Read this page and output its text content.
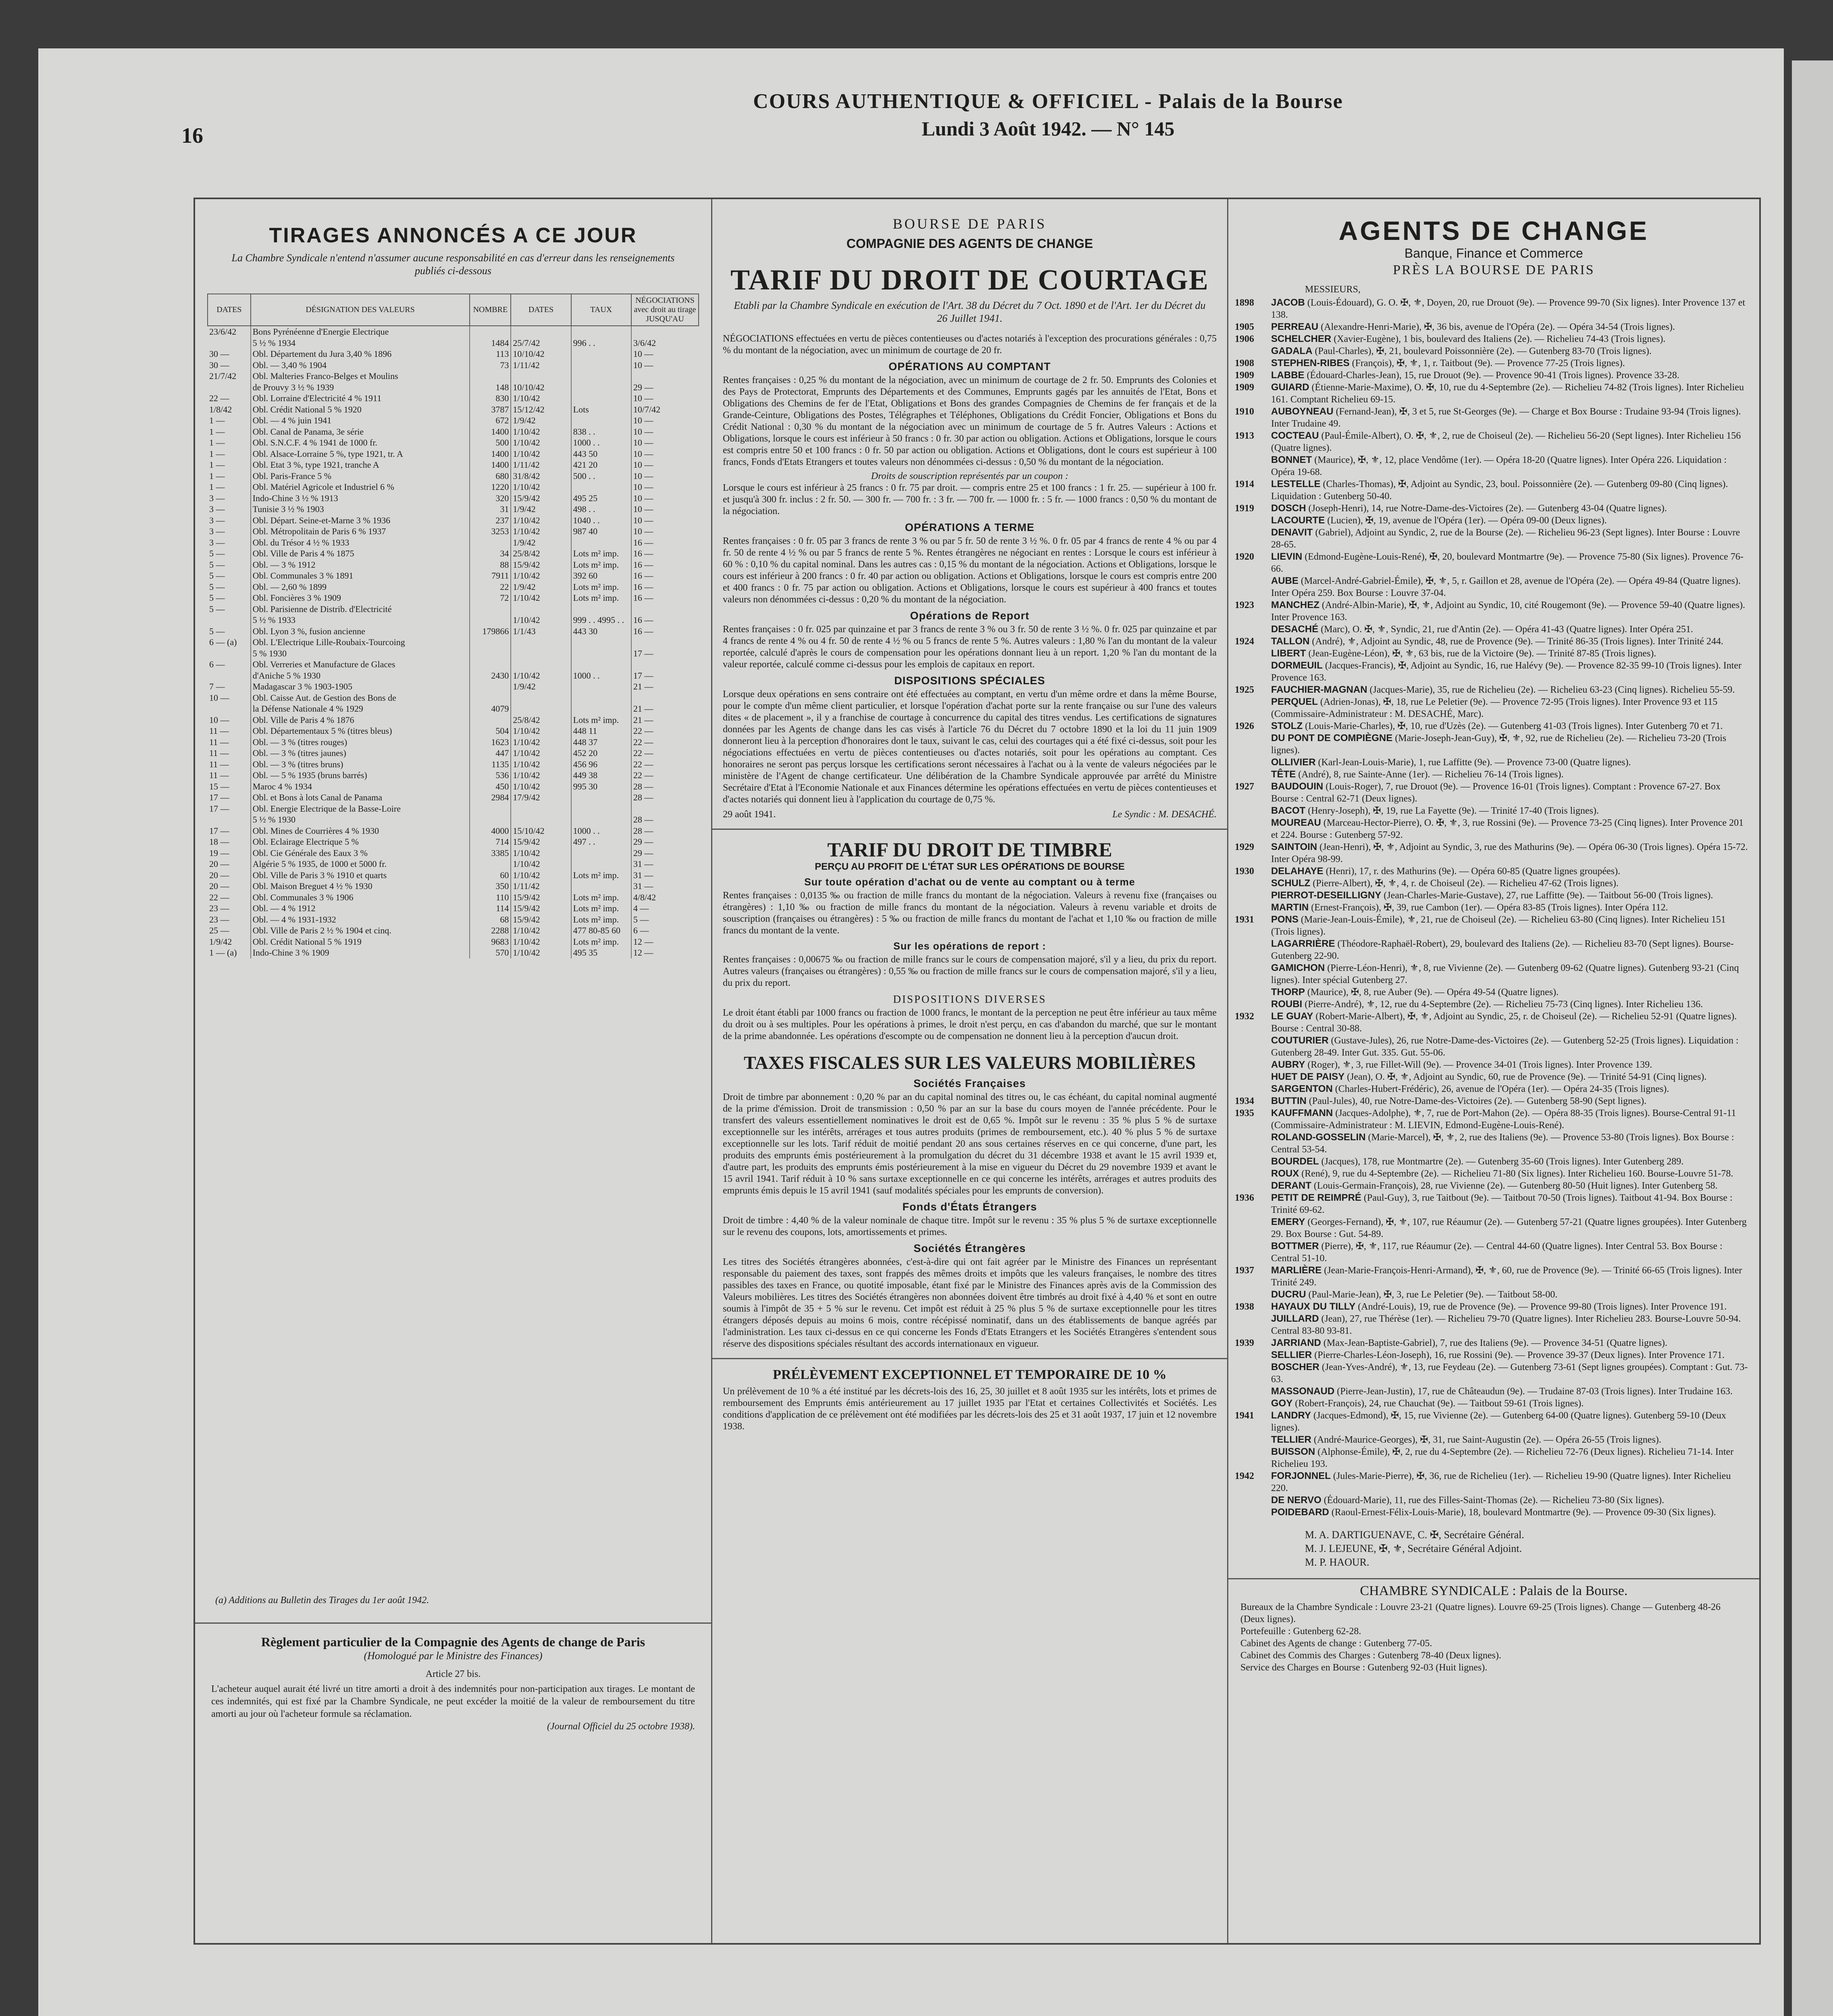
16
COURS AUTHENTIQUE & OFFICIEL - Palais de la Bourse
Lundi 3 Août 1942. — N° 145
TIRAGES ANNONCÉS A CE JOUR
La Chambre Syndicale n'entend n'assumer aucune responsabilité en cas d'erreur dans les renseignements publiés ci-dessous
DATES	DÉSIGNATION DES VALEURS	NOMBRE	DATES	TAUX	NÉGOCIATIONS avec droit au tirage JUSQU'AU
23/6/42	Bons Pyrénéenne d'Energie Electrique				
	5 ½ % 1934	1484	25/7/42	996 . .	3/6/42
30 —	Obl. Département du Jura 3,40 % 1896	113	10/10/42		10 —
30 —	Obl. — 3,40 % 1904	73	1/11/42		10 —
21/7/42	Obl. Malteries Franco-Belges et Moulins				
	de Prouvy 3 ½ % 1939	148	10/10/42		29 —
22 —	Obl. Lorraine d'Electricité 4 % 1911	830	1/10/42		10 —
1/8/42	Obl. Crédit National 5 % 1920	3787	15/12/42	Lots	10/7/42
1 —	Obl. — 4 % juin 1941	672	1/9/42		10 —
1 —	Obl. Canal de Panama, 3e série	1400	1/10/42	838 . .	10 —
1 —	Obl. S.N.C.F. 4 % 1941 de 1000 fr.	500	1/10/42	1000 . .	10 —
1 —	Obl. Alsace-Lorraine 5 %, type 1921, tr. A	1400	1/10/42	443 50	10 —
1 —	Obl. Etat 3 %, type 1921, tranche A	1400	1/11/42	421 20	10 —
1 —	Obl. Paris-France 5 %	680	31/8/42	500 . .	10 —
1 —	Obl. Matériel Agricole et Industriel 6 %	1220	1/10/42		10 —
3 —	Indo-Chine 3 ½ % 1913	320	15/9/42	495 25	10 —
3 —	Tunisie 3 ½ % 1903	31	1/9/42	498 . .	10 —
3 —	Obl. Départ. Seine-et-Marne 3 % 1936	237	1/10/42	1040 . .	10 —
3 —	Obl. Métropolitain de Paris 6 % 1937	3253	1/10/42	987 40	10 —
3 —	Obl. du Trésor 4 ½ % 1933		1/9/42		16 —
5 —	Obl. Ville de Paris 4 % 1875	34	25/8/42	Lots m² imp.	16 —
5 —	Obl. — 3 % 1912	88	15/9/42	Lots m² imp.	16 —
5 —	Obl. Communales 3 % 1891	7911	1/10/42	392 60	16 —
5 —	Obl. — 2,60 % 1899	22	1/9/42	Lots m² imp.	16 —
5 —	Obl. Foncières 3 % 1909	72	1/10/42	Lots m² imp.	16 —
5 —	Obl. Parisienne de Distrib. d'Electricité				
	5 ½ % 1933		1/10/42	999 . . 4995 . .	16 —
5 —	Obl. Lyon 3 %, fusion ancienne	179866	1/1/43	443 30	16 —
6 — (a)	Obl. L'Electrique Lille-Roubaix-Tourcoing				
	5 % 1930				17 —
6 —	Obl. Verreries et Manufacture de Glaces				
	d'Aniche 5 % 1930	2430	1/10/42	1000 . .	17 —
7 —	Madagascar 3 % 1903-1905		1/9/42		21 —
10 —	Obl. Caisse Aut. de Gestion des Bons de				
	la Défense Nationale 4 % 1929	4079			21 —
10 —	Obl. Ville de Paris 4 % 1876		25/8/42	Lots m² imp.	21 —
11 —	Obl. Départementaux 5 % (titres bleus)	504	1/10/42	448 11	22 —
11 —	Obl. — 3 % (titres rouges)	1623	1/10/42	448 37	22 —
11 —	Obl. — 3 % (titres jaunes)	447	1/10/42	452 20	22 —
11 —	Obl. — 3 % (titres bruns)	1135	1/10/42	456 96	22 —
11 —	Obl. — 5 % 1935 (bruns barrés)	536	1/10/42	449 38	22 —
15 —	Maroc 4 % 1934	450	1/10/42	995 30	28 —
17 —	Obl. et Bons à lots Canal de Panama	2984	17/9/42		28 —
17 —	Obl. Energie Electrique de la Basse-Loire				
	5 ½ % 1930				28 —
17 —	Obl. Mines de Courrières 4 % 1930	4000	15/10/42	1000 . .	28 —
18 —	Obl. Eclairage Electrique 5 %	714	15/9/42	497 . .	29 —
19 —	Obl. Cie Générale des Eaux 3 %	3385	1/10/42		29 —
20 —	Algérie 5 % 1935, de 1000 et 5000 fr.		1/10/42		31 —
20 —	Obl. Ville de Paris 3 % 1910 et quarts	60	1/10/42	Lots m² imp.	31 —
20 —	Obl. Maison Breguet 4 ½ % 1930	350	1/11/42		31 —
22 —	Obl. Communales 3 % 1906	110	15/9/42	Lots m² imp.	4/8/42
23 —	Obl. — 4 % 1912	114	15/9/42	Lots m² imp.	4 —
23 —	Obl. — 4 % 1931-1932	68	15/9/42	Lots m² imp.	5 —
25 —	Obl. Ville de Paris 2 ½ % 1904 et cinq.	2288	1/10/42	477 80-85 60	6 —
1/9/42	Obl. Crédit National 5 % 1919	9683	1/10/42	Lots m² imp.	12 —
1 — (a)	Indo-Chine 3 % 1909	570	1/10/42	495 35	12 —
(a) Additions au Bulletin des Tirages du 1er août 1942.
Règlement particulier de la Compagnie des Agents de change de Paris
(Homologué par le Ministre des Finances)
Article 27 bis.
L'acheteur auquel aurait été livré un titre amorti a droit à des indemnités pour non-participation aux tirages. Le montant de ces indemnités, qui est fixé par la Chambre Syndicale, ne peut excéder la moitié de la valeur de remboursement du titre amorti au jour où l'acheteur formule sa réclamation.
(Journal Officiel du 25 octobre 1938).
BOURSE DE PARIS
COMPAGNIE DES AGENTS DE CHANGE
TARIF DU DROIT DE COURTAGE
Etabli par la Chambre Syndicale en exécution de l'Art. 38 du Décret du 7 Oct. 1890 et de l'Art. 1er du Décret du 26 Juillet 1941.
NÉGOCIATIONS effectuées en vertu de pièces contentieuses ou d'actes notariés à l'exception des procurations générales : 0,75 % du montant de la négociation, avec un minimum de courtage de 20 fr.
OPÉRATIONS AU COMPTANT
Rentes françaises : 0,25 % du montant de la négociation, avec un minimum de courtage de 2 fr. 50. Emprunts des Colonies et des Pays de Protectorat, Emprunts des Départements et des Communes, Emprunts gagés par les annuités de l'Etat, Bons et Obligations des Chemins de fer de l'Etat, Obligations et Bons des grandes Compagnies de Chemins de fer français et de la Grande-Ceinture, Obligations des Postes, Télégraphes et Téléphones, Obligations du Crédit Foncier, Obligations et Bons du Crédit National : 0,30 % du montant de la négociation avec un minimum de courtage de 5 fr. Autres Valeurs : Actions et Obligations, lorsque le cours est inférieur à 50 francs : 0 fr. 30 par action ou obligation. Actions et Obligations, lorsque le cours est compris entre 50 et 100 francs : 0 fr. 50 par action ou obligation. Actions et Obligations, dont le cours est supérieur à 100 francs, Fonds d'Etats Etrangers et toutes valeurs non dénommées ci-dessus : 0,50 % du montant de la négociation.
Droits de souscription représentés par un coupon :
Lorsque le cours est inférieur à 25 francs : 0 fr. 75 par droit. — compris entre 25 et 100 francs : 1 fr. 25. — supérieur à 100 fr. et jusqu'à 300 fr. inclus : 2 fr. 50. — 300 fr. — 700 fr. : 3 fr. — 700 fr. — 1000 fr. : 5 fr. — 1000 francs : 0,50 % du montant de la négociation.
OPÉRATIONS A TERME
Rentes françaises : 0 fr. 05 par 3 francs de rente 3 % ou par 5 fr. 50 de rente 3 ½ %. 0 fr. 05 par 4 francs de rente 4 % ou par 4 fr. 50 de rente 4 ½ % ou par 5 francs de rente 5 %. Rentes étrangères ne négociant en rentes : Lorsque le cours est inférieur à 60 % : 0,10 % du capital nominal. Dans les autres cas : 0,15 % du montant de la négociation. Actions et Obligations, lorsque le cours est inférieur à 200 francs : 0 fr. 40 par action ou obligation. Actions et Obligations, lorsque le cours est compris entre 200 et 400 francs : 0 fr. 75 par action ou obligation. Actions et Obligations, lorsque le cours est supérieur à 400 francs et toutes valeurs non dénommées ci-dessus : 0,20 % du montant de la négociation.
Opérations de Report
Rentes françaises : 0 fr. 025 par quinzaine et par 3 francs de rente 3 % ou 3 fr. 50 de rente 3 ½ %. 0 fr. 025 par quinzaine et par 4 francs de rente 4 % ou 4 fr. 50 de rente 4 ½ % ou 5 francs de rente 5 %. Autres valeurs : 1,80 % l'an du montant de la valeur reportée, calculé d'après le cours de compensation pour les opérations donnant lieu à un report. 1,20 % l'an du montant de la valeur reportée, calculé comme ci-dessus pour les emplois de capitaux en report.
DISPOSITIONS SPÉCIALES
Lorsque deux opérations en sens contraire ont été effectuées au comptant, en vertu d'un même ordre et dans la même Bourse, pour le compte d'un même client particulier, et lorsque l'opération d'achat porte sur la rente française ou sur l'une des valeurs dites « de placement », il y a franchise de courtage à concurrence du capital des titres vendus. Les certifications de signatures données par les Agents de change dans les cas visés à l'article 76 du Décret du 7 octobre 1890 et la loi du 11 juin 1909 donneront lieu à la perception d'honoraires dont le taux, suivant le cas, celui des courtages qui a été fixé ci-dessus, soit pour les négociations effectuées en vertu de pièces contentieuses ou d'actes notariés, soit pour les opérations au comptant. Ces honoraires ne seront pas perçus lorsque les certifications seront nécessaires à l'achat ou à la vente de valeurs négociées par le ministère de l'Agent de change certificateur. Une délibération de la Chambre Syndicale approuvée par arrêté du Ministre Secrétaire d'Etat à l'Economie Nationale et aux Finances détermine les opérations effectuées en vertu de pièces contentieuses et d'actes notariés qui donnent lieu à l'application du courtage de 0,75 %.
29 août 1941.	Le Syndic : M. DESACHÉ.
TARIF DU DROIT DE TIMBRE
PERÇU AU PROFIT DE L'ÉTAT SUR LES OPÉRATIONS DE BOURSE
Sur toute opération d'achat ou de vente au comptant ou à terme
Rentes françaises : 0,0135 ‰ ou fraction de mille francs du montant de la négociation. Valeurs à revenu fixe (françaises ou étrangères) : 1,10 ‰ ou fraction de mille francs du montant de la négociation. Valeurs à revenu variable et droits de souscription (françaises ou étrangères) : 5 ‰ ou fraction de mille francs du montant de l'achat et 1,10 ‰ ou fraction de mille francs du montant de la vente.
Sur les opérations de report :
Rentes françaises : 0,00675 ‰ ou fraction de mille francs sur le cours de compensation majoré, s'il y a lieu, du prix du report. Autres valeurs (françaises ou étrangères) : 0,55 ‰ ou fraction de mille francs sur le cours de compensation majoré, s'il y a lieu, du prix du report.
DISPOSITIONS DIVERSES
Le droit étant établi par 1000 francs ou fraction de 1000 francs, le montant de la perception ne peut être inférieur au taux même du droit ou à ses multiples. Pour les opérations à primes, le droit n'est perçu, en cas d'abandon du marché, que sur le montant de la prime abandonnée. Les opérations d'escompte ou de compensation ne donnent lieu à la perception d'aucun droit.
TAXES FISCALES SUR LES VALEURS MOBILIÈRES
Sociétés Françaises
Droit de timbre par abonnement : 0,20 % par an du capital nominal des titres ou, le cas échéant, du capital nominal augmenté de la prime d'émission. Droit de transmission : 0,50 % par an sur la base du cours moyen de l'année précédente. Pour le transfert des valeurs essentiellement nominatives le droit est de 0,65 %. Impôt sur le revenu : 35 % plus 5 % de surtaxe exceptionnelle sur les intérêts, arrérages et tous autres produits (primes de remboursement, etc.). 40 % plus 5 % de surtaxe exceptionnelle sur les lots. Tarif réduit de moitié pendant 20 ans sous certaines réserves en ce qui concerne, d'une part, les produits des emprunts émis postérieurement à la promulgation du décret du 31 décembre 1938 et avant le 15 avril 1939 et, d'autre part, les produits des emprunts émis postérieurement à la mise en vigueur du Décret du 29 novembre 1939 et avant le 15 avril 1941. Tarif réduit à 10 % sans surtaxe exceptionnelle en ce qui concerne les intérêts, arrérages et autres produits des emprunts émis depuis le 15 avril 1941 (sauf modalités spéciales pour les emprunts de conversion).
Fonds d'États Étrangers
Droit de timbre : 4,40 % de la valeur nominale de chaque titre. Impôt sur le revenu : 35 % plus 5 % de surtaxe exceptionnelle sur le revenu des coupons, lots, amortissements et primes.
Sociétés Étrangères
Les titres des Sociétés étrangères abonnées, c'est-à-dire qui ont fait agréer par le Ministre des Finances un représentant responsable du paiement des taxes, sont frappés des mêmes droits et impôts que les valeurs françaises, le nombre des titres passibles des taxes en France, ou quotité imposable, étant fixé par le Ministre des Finances après avis de la Commission des Valeurs mobilières. Les titres des Sociétés étrangères non abonnées doivent être timbrés au droit fixé à 4,40 % et sont en outre soumis à l'impôt de 35 + 5 % sur le revenu. Cet impôt est réduit à 25 % plus 5 % de surtaxe exceptionnelle pour les titres étrangers déposés depuis au moins 6 mois, contre récépissé nominatif, dans un des établissements de banque agréés par l'administration. Les taux ci-dessus en ce qui concerne les Fonds d'Etats Etrangers et les Sociétés Etrangères s'entendent sous réserve des dispositions spéciales résultant des accords internationaux en vigueur.
PRÉLÈVEMENT EXCEPTIONNEL ET TEMPORAIRE DE 10 %
Un prélèvement de 10 % a été institué par les décrets-lois des 16, 25, 30 juillet et 8 août 1935 sur les intérêts, lots et primes de remboursement des Emprunts émis antérieurement au 17 juillet 1935 par l'Etat et certaines Collectivités et Sociétés. Les conditions d'application de ce prélèvement ont été modifiées par les décrets-lois des 25 et 31 août 1937, 17 juin et 12 novembre 1938.
AGENTS DE CHANGE
Banque, Finance et Commerce
PRÈS LA BOURSE DE PARIS
MESSIEURS,
1898	JACOB (Louis-Édouard), G. O. ✠, ⚜, Doyen, 20, rue Drouot (9e). — Provence 99-70 (Six lignes). Inter Provence 137 et 138.
1905	PERREAU (Alexandre-Henri-Marie), ✠, 36 bis, avenue de l'Opéra (2e). — Opéra 34-54 (Trois lignes).
1906	SCHELCHER (Xavier-Eugène), 1 bis, boulevard des Italiens (2e). — Richelieu 74-43 (Trois lignes).
GADALA (Paul-Charles), ✠, 21, boulevard Poissonnière (2e). — Gutenberg 83-70 (Trois lignes).
1908	STEPHEN-RIBES (François), ✠, ⚜, 1, r. Taitbout (9e). — Provence 77-25 (Trois lignes).
1909	LABBE (Édouard-Charles-Jean), 15, rue Drouot (9e). — Provence 90-41 (Trois lignes). Provence 33-28.
1909	GUIARD (Étienne-Marie-Maxime), O. ✠, 10, rue du 4-Septembre (2e). — Richelieu 74-82 (Trois lignes). Inter Richelieu 161. Comptant Richelieu 69-15.
1910	AUBOYNEAU (Fernand-Jean), ✠, 3 et 5, rue St-Georges (9e). — Charge et Box Bourse : Trudaine 93-94 (Trois lignes). Inter Trudaine 49.
1913	COCTEAU (Paul-Émile-Albert), O. ✠, ⚜, 2, rue de Choiseul (2e). — Richelieu 56-20 (Sept lignes). Inter Richelieu 156 (Quatre lignes).
BONNET (Maurice), ✠, ⚜, 12, place Vendôme (1er). — Opéra 18-20 (Quatre lignes). Inter Opéra 226. Liquidation : Opéra 19-68.
1914	LESTELLE (Charles-Thomas), ✠, Adjoint au Syndic, 23, boul. Poissonnière (2e). — Gutenberg 09-80 (Cinq lignes). Liquidation : Gutenberg 50-40.
1919	DOSCH (Joseph-Henri), 14, rue Notre-Dame-des-Victoires (2e). — Gutenberg 43-04 (Quatre lignes).
LACOURTE (Lucien), ✠, 19, avenue de l'Opéra (1er). — Opéra 09-00 (Deux lignes).
DENAVIT (Gabriel), Adjoint au Syndic, 2, rue de la Bourse (2e). — Richelieu 96-23 (Sept lignes). Inter Bourse : Louvre 28-65.
1920	LIEVIN (Edmond-Eugène-Louis-René), ✠, 20, boulevard Montmartre (9e). — Provence 75-80 (Six lignes). Provence 76-66.
AUBE (Marcel-André-Gabriel-Émile), ✠, ⚜, 5, r. Gaillon et 28, avenue de l'Opéra (2e). — Opéra 49-84 (Quatre lignes). Inter Opéra 259. Box Bourse : Louvre 37-04.
1923	MANCHEZ (André-Albin-Marie), ✠, ⚜, Adjoint au Syndic, 10, cité Rougemont (9e). — Provence 59-40 (Quatre lignes). Inter Provence 163.
DESACHÉ (Marc), O. ✠, ⚜, Syndic, 21, rue d'Antin (2e). — Opéra 41-43 (Quatre lignes). Inter Opéra 251.
1924	TALLON (André), ⚜, Adjoint au Syndic, 48, rue de Provence (9e). — Trinité 86-35 (Trois lignes). Inter Trinité 244.
LIBERT (Jean-Eugène-Léon), ✠, ⚜, 63 bis, rue de la Victoire (9e). — Trinité 87-85 (Trois lignes).
DORMEUIL (Jacques-Francis), ✠, Adjoint au Syndic, 16, rue Halévy (9e). — Provence 82-35 99-10 (Trois lignes). Inter Provence 163.
1925	FAUCHIER-MAGNAN (Jacques-Marie), 35, rue de Richelieu (2e). — Richelieu 63-23 (Cinq lignes). Richelieu 55-59.
PERQUEL (Adrien-Jonas), ✠, 18, rue Le Peletier (9e). — Provence 72-95 (Trois lignes). Inter Provence 93 et 115 (Commissaire-Administrateur : M. DESACHÉ, Marc).
1926	STOLZ (Louis-Marie-Charles), ✠, 10, rue d'Uzès (2e). — Gutenberg 41-03 (Trois lignes). Inter Gutenberg 70 et 71.
DU PONT DE COMPIÈGNE (Marie-Joseph-Jean-Guy), ✠, ⚜, 92, rue de Richelieu (2e). — Richelieu 73-20 (Trois lignes).
OLLIVIER (Karl-Jean-Louis-Marie), 1, rue Laffitte (9e). — Provence 73-00 (Quatre lignes).
TÊTE (André), 8, rue Sainte-Anne (1er). — Richelieu 76-14 (Trois lignes).
1927	BAUDOUIN (Louis-Roger), 7, rue Drouot (9e). — Provence 16-01 (Trois lignes). Comptant : Provence 67-27. Box Bourse : Central 62-71 (Deux lignes).
BACOT (Henry-Joseph), ✠, 19, rue La Fayette (9e). — Trinité 17-40 (Trois lignes).
MOUREAU (Marceau-Hector-Pierre), O. ✠, ⚜, 3, rue Rossini (9e). — Provence 73-25 (Cinq lignes). Inter Provence 201 et 224. Bourse : Gutenberg 57-92.
1929	SAINTOIN (Jean-Henri), ✠, ⚜, Adjoint au Syndic, 3, rue des Mathurins (9e). — Opéra 06-30 (Trois lignes). Opéra 15-72. Inter Opéra 98-99.
1930	DELAHAYE (Henri), 17, r. des Mathurins (9e). — Opéra 60-85 (Quatre lignes groupées).
SCHULZ (Pierre-Albert), ✠, ⚜, 4, r. de Choiseul (2e). — Richelieu 47-62 (Trois lignes).
PIERROT-DESEILLIGNY (Jean-Charles-Marie-Gustave), 27, rue Laffitte (9e). — Taitbout 56-00 (Trois lignes).
MARTIN (Ernest-François), ✠, 39, rue Cambon (1er). — Opéra 83-85 (Trois lignes). Inter Opéra 112.
1931	PONS (Marie-Jean-Louis-Émile), ⚜, 21, rue de Choiseul (2e). — Richelieu 63-80 (Cinq lignes). Inter Richelieu 151 (Trois lignes).
LAGARRIÈRE (Théodore-Raphaël-Robert), 29, boulevard des Italiens (2e). — Richelieu 83-70 (Sept lignes). Bourse-Gutenberg 22-90.
GAMICHON (Pierre-Léon-Henri), ⚜, 8, rue Vivienne (2e). — Gutenberg 09-62 (Quatre lignes). Gutenberg 93-21 (Cinq lignes). Inter spécial Gutenberg 27.
THORP (Maurice), ✠, 8, rue Auber (9e). — Opéra 49-54 (Quatre lignes).
ROUBI (Pierre-André), ⚜, 12, rue du 4-Septembre (2e). — Richelieu 75-73 (Cinq lignes). Inter Richelieu 136.
1932	LE GUAY (Robert-Marie-Albert), ✠, ⚜, Adjoint au Syndic, 25, r. de Choiseul (2e). — Richelieu 52-91 (Quatre lignes). Bourse : Central 30-88.
COUTURIER (Gustave-Jules), 26, rue Notre-Dame-des-Victoires (2e). — Gutenberg 52-25 (Trois lignes). Liquidation : Gutenberg 28-49. Inter Gut. 335. Gut. 55-06.
AUBRY (Roger), ⚜, 3, rue Fillet-Will (9e). — Provence 34-01 (Trois lignes). Inter Provence 139.
HUET DE PAISY (Jean), O. ✠, ⚜, Adjoint au Syndic, 60, rue de Provence (9e). — Trinité 54-91 (Cinq lignes).
SARGENTON (Charles-Hubert-Frédéric), 26, avenue de l'Opéra (1er). — Opéra 24-35 (Trois lignes).
1934	BUTTIN (Paul-Jules), 40, rue Notre-Dame-des-Victoires (2e). — Gutenberg 58-90 (Sept lignes).
1935	KAUFFMANN (Jacques-Adolphe), ⚜, 7, rue de Port-Mahon (2e). — Opéra 88-35 (Trois lignes). Bourse-Central 91-11 (Commissaire-Administrateur : M. LIEVIN, Edmond-Eugène-Louis-René).
ROLAND-GOSSELIN (Marie-Marcel), ✠, ⚜, 2, rue des Italiens (9e). — Provence 53-80 (Trois lignes). Box Bourse : Central 53-54.
BOURDEL (Jacques), 178, rue Montmartre (2e). — Gutenberg 35-60 (Trois lignes). Inter Gutenberg 289.
ROUX (René), 9, rue du 4-Septembre (2e). — Richelieu 71-80 (Six lignes). Inter Richelieu 160. Bourse-Louvre 51-78.
DERANT (Louis-Germain-François), 28, rue Vivienne (2e). — Gutenberg 80-50 (Huit lignes). Inter Gutenberg 58.
1936	PETIT DE REIMPRÉ (Paul-Guy), 3, rue Taitbout (9e). — Taitbout 70-50 (Trois lignes). Taitbout 41-94. Box Bourse : Trinité 69-62.
EMERY (Georges-Fernand), ✠, ⚜, 107, rue Réaumur (2e). — Gutenberg 57-21 (Quatre lignes groupées). Inter Gutenberg 29. Box Bourse : Gut. 54-89.
BOTTMER (Pierre), ✠, ⚜, 117, rue Réaumur (2e). — Central 44-60 (Quatre lignes). Inter Central 53. Box Bourse : Central 51-10.
1937	MARLIÈRE (Jean-Marie-François-Henri-Armand), ✠, ⚜, 60, rue de Provence (9e). — Trinité 66-65 (Trois lignes). Inter Trinité 249.
DUCRU (Paul-Marie-Jean), ✠, 3, rue Le Peletier (9e). — Taitbout 58-00.
1938	HAYAUX DU TILLY (André-Louis), 19, rue de Provence (9e). — Provence 99-80 (Trois lignes). Inter Provence 191.
JUILLARD (Jean), 27, rue Thérèse (1er). — Richelieu 79-70 (Quatre lignes). Inter Richelieu 283. Bourse-Louvre 50-94. Central 83-80 93-81.
1939	JARRIAND (Max-Jean-Baptiste-Gabriel), 7, rue des Italiens (9e). — Provence 34-51 (Quatre lignes).
SELLIER (Pierre-Charles-Léon-Joseph), 16, rue Rossini (9e). — Provence 39-37 (Deux lignes). Inter Provence 171.
BOSCHER (Jean-Yves-André), ⚜, 13, rue Feydeau (2e). — Gutenberg 73-61 (Sept lignes groupées). Comptant : Gut. 73-63.
MASSONAUD (Pierre-Jean-Justin), 17, rue de Châteaudun (9e). — Trudaine 87-03 (Trois lignes). Inter Trudaine 163.
GOY (Robert-François), 24, rue Chauchat (9e). — Taitbout 59-61 (Trois lignes).
1941	LANDRY (Jacques-Edmond), ✠, 15, rue Vivienne (2e). — Gutenberg 64-00 (Quatre lignes). Gutenberg 59-10 (Deux lignes).
TELLIER (André-Maurice-Georges), ✠, 31, rue Saint-Augustin (2e). — Opéra 26-55 (Trois lignes).
BUISSON (Alphonse-Émile), ✠, 2, rue du 4-Septembre (2e). — Richelieu 72-76 (Deux lignes). Richelieu 71-14. Inter Richelieu 193.
1942	FORJONNEL (Jules-Marie-Pierre), ✠, 36, rue de Richelieu (1er). — Richelieu 19-90 (Quatre lignes). Inter Richelieu 220.
DE NERVO (Édouard-Marie), 11, rue des Filles-Saint-Thomas (2e). — Richelieu 73-80 (Six lignes).
POIDEBARD (Raoul-Ernest-Félix-Louis-Marie), 18, boulevard Montmartre (9e). — Provence 09-30 (Six lignes).
M. A. DARTIGUENAVE, C. ✠, Secrétaire Général.
M. J. LEJEUNE, ✠, ⚜, Secrétaire Général Adjoint.
M. P. HAOUR.
CHAMBRE SYNDICALE : Palais de la Bourse.
Bureaux de la Chambre Syndicale : Louvre 23-21 (Quatre lignes). Louvre 69-25 (Trois lignes). Change — Gutenberg 48-26 (Deux lignes).
Portefeuille : Gutenberg 62-28.
Cabinet des Agents de change : Gutenberg 77-05.
Cabinet des Commis des Charges : Gutenberg 78-40 (Deux lignes).
Service des Charges en Bourse : Gutenberg 92-03 (Huit lignes).
